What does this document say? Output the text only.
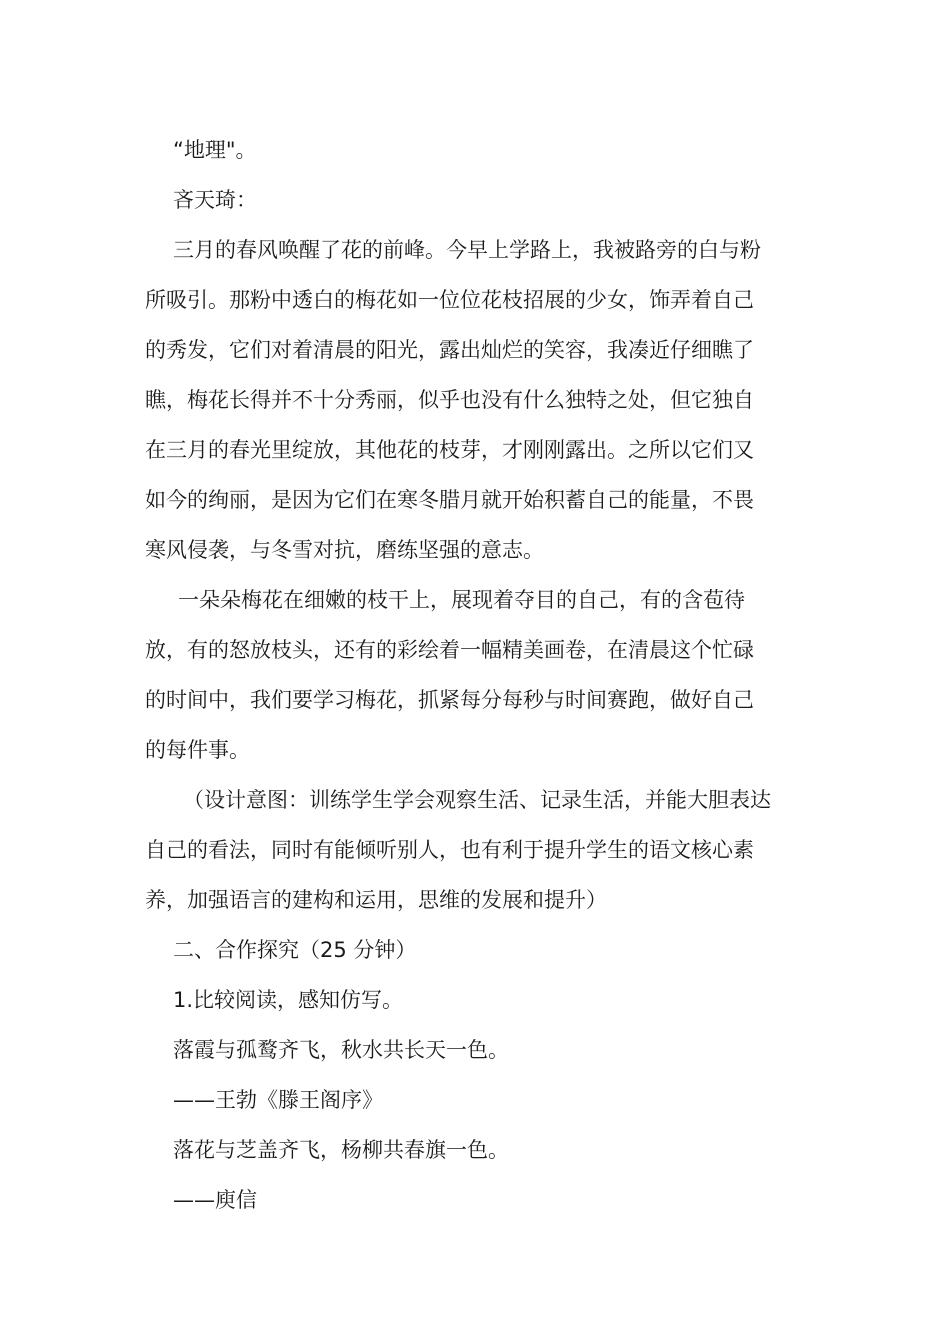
“地理"。
吝天琦：
三月的春风唤醒了花的前峰。今早上学路上，我被路旁的白与粉
所吸引。那粉中透白的梅花如一位位花枝招展的少女，饰弄着自己
的秀发，它们对着清晨的阳光，露出灿烂的笑容，我凑近仔细瞧了
瞧，梅花长得并不十分秀丽，似乎也没有什么独特之处，但它独自
在三月的春光里绽放，其他花的枝芽，才刚刚露出。之所以它们又
如今的绚丽，是因为它们在寒冬腊月就开始积蓄自己的能量，不畏
寒风侵袭，与冬雪对抗，磨练坚强的意志。
一朵朵梅花在细嫩的枝干上，展现着夺目的自己，有的含苞待
放，有的怒放枝头，还有的彩绘着一幅精美画卷，在清晨这个忙碌
的时间中，我们要学习梅花，抓紧每分每秒与时间赛跑，做好自己
的每件事。
（设计意图：训练学生学会观察生活、记录生活，并能大胆表达
自己的看法，同时有能倾听别人，也有利于提升学生的语文核心素
养，加强语言的建构和运用，思维的发展和提升）
二、合作探究（25 分钟）
1.比较阅读，感知仿写。
落霞与孤鹜齐飞，秋水共长天一色。
——王勃《滕王阁序》
落花与芝盖齐飞，杨柳共春旗一色。
——庾信
